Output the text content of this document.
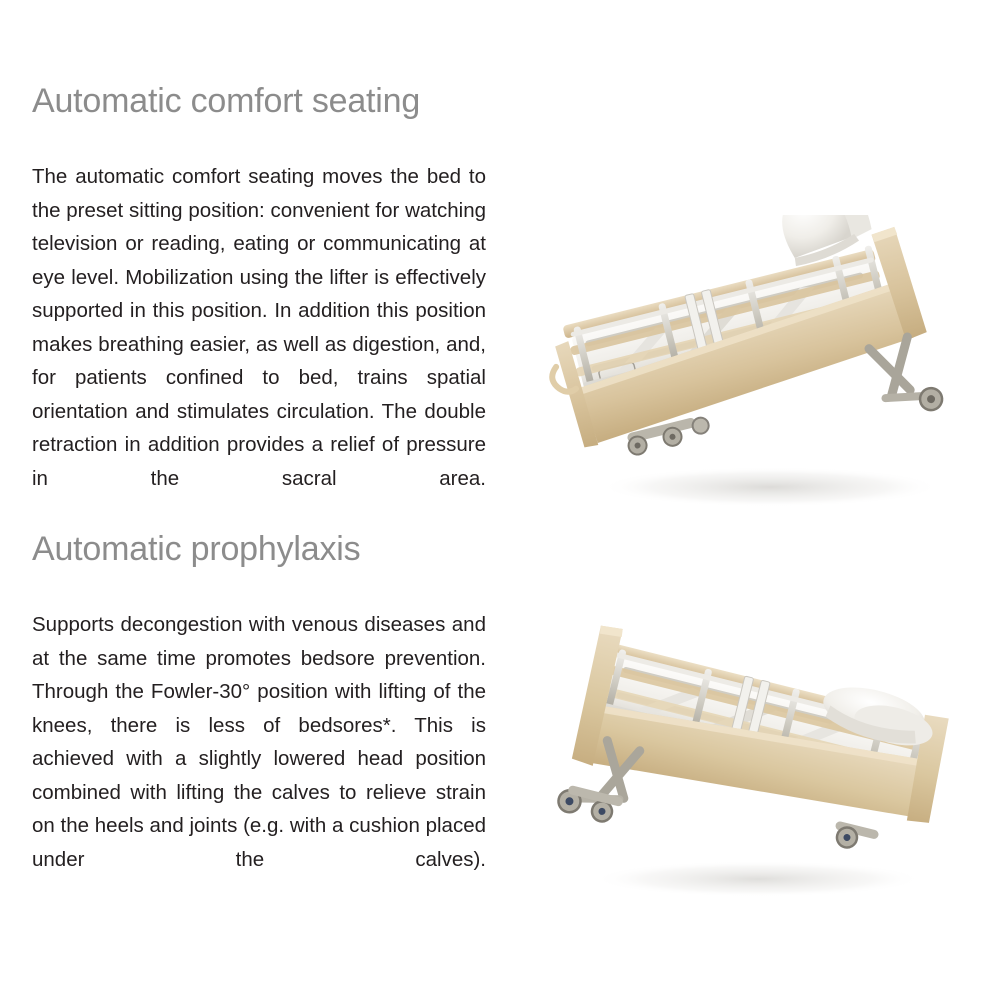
Automatic comfort seating

The automatic comfort seating moves the bed to the preset sitting position: convenient for watching television or reading, eating or communicating at eye level. Mobilization using the lifter is effectively supported in this position. In addition this position makes breathing easier, as well as digestion, and, for patients confined to bed, trains spatial orientation and stimulates circulation. The double retraction in addition provides a relief of pressure in the sacral area.

Automatic prophylaxis

Supports decongestion with venous diseases and at the same time promotes bedsore prevention. Through the Fowler-30° position with lifting of the knees, there is less of bedsores*. This is achieved with a slightly lowered head position combined with lifting the calves to relieve strain on the heels and joints (e.g. with a cushion placed under the calves).
